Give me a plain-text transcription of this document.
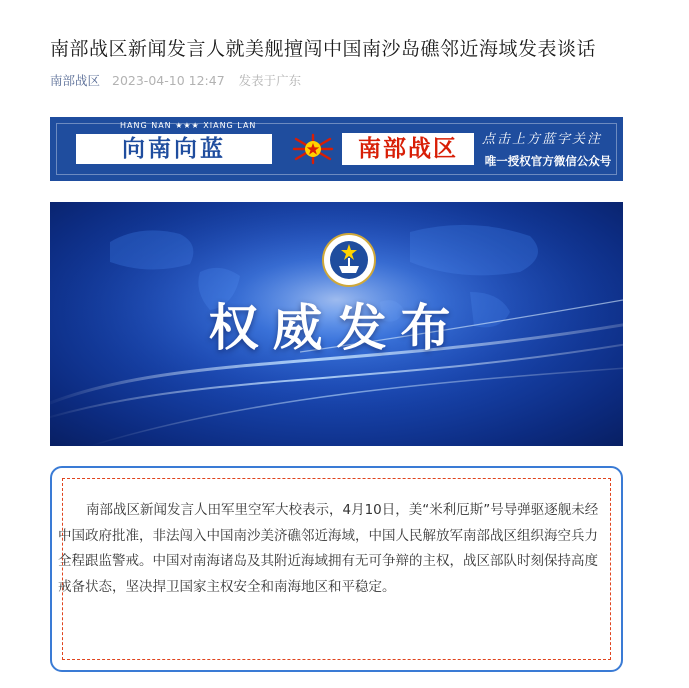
南部战区新闻发言人就美舰擅闯中国南沙岛礁邻近海域发表谈话
南部战区 2023-04-10 12:47 发表于广东
HANG NAN ★★★ XIANG LAN
向南向蓝	南部战区	点击上方蓝字关注
唯一授权官方微信公众号
权威发布

南部战区新闻发言人田军里空军大校表示，4月10日，美“米利厄斯”号导弹驱逐舰未经中国政府批准，非法闯入中国南沙美济礁邻近海域，中国人民解放军南部战区组织海空兵力全程跟监警戒。中国对南海诸岛及其附近海域拥有无可争辩的主权，战区部队时刻保持高度戒备状态，坚决捍卫国家主权安全和南海地区和平稳定。
